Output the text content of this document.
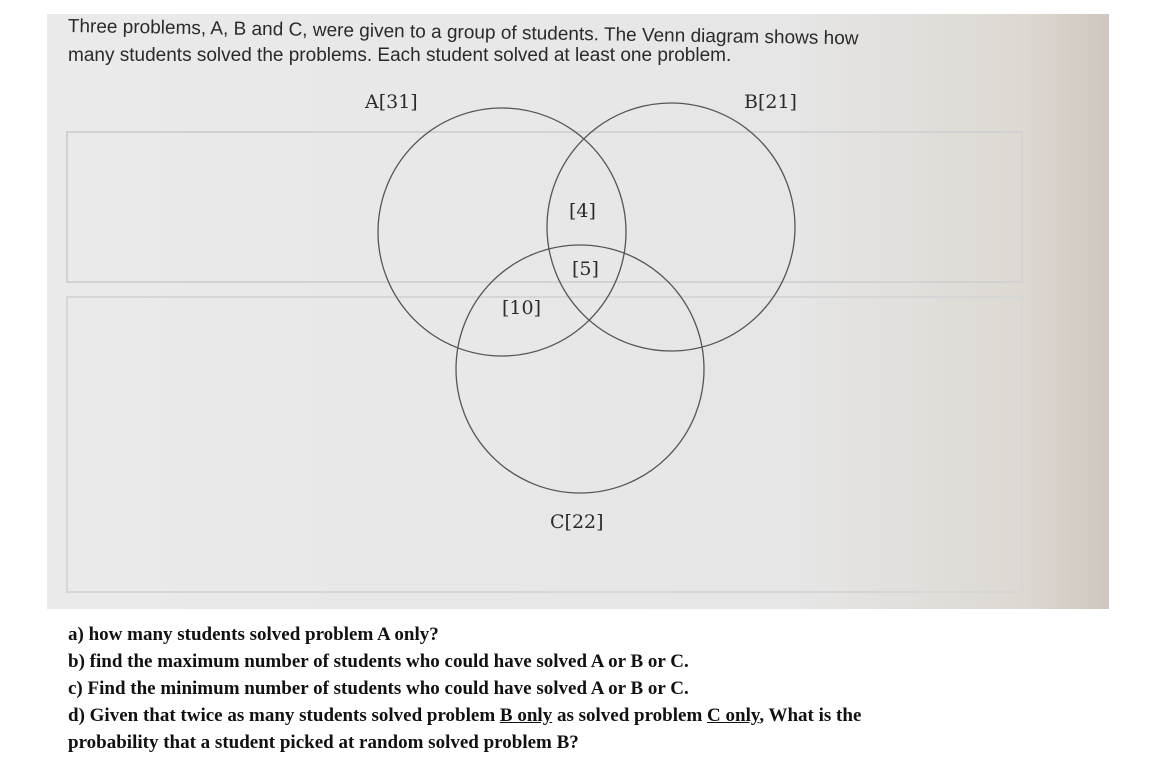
Three problems, A, B and C, were given to a group of students. The Venn diagram shows how
many students solved the problems. Each student solved at least one problem.
A[31]	B[21]
C[22]
[4]
[5]
[10]

a) how many students solved problem A only?

b) find the maximum number of students who could have solved A or B or C.

c) Find the minimum number of students who could have solved A or B or C.

d) Given that twice as many students solved problem B only as solved problem C only, What is the

probability that a student picked at random solved problem B?
